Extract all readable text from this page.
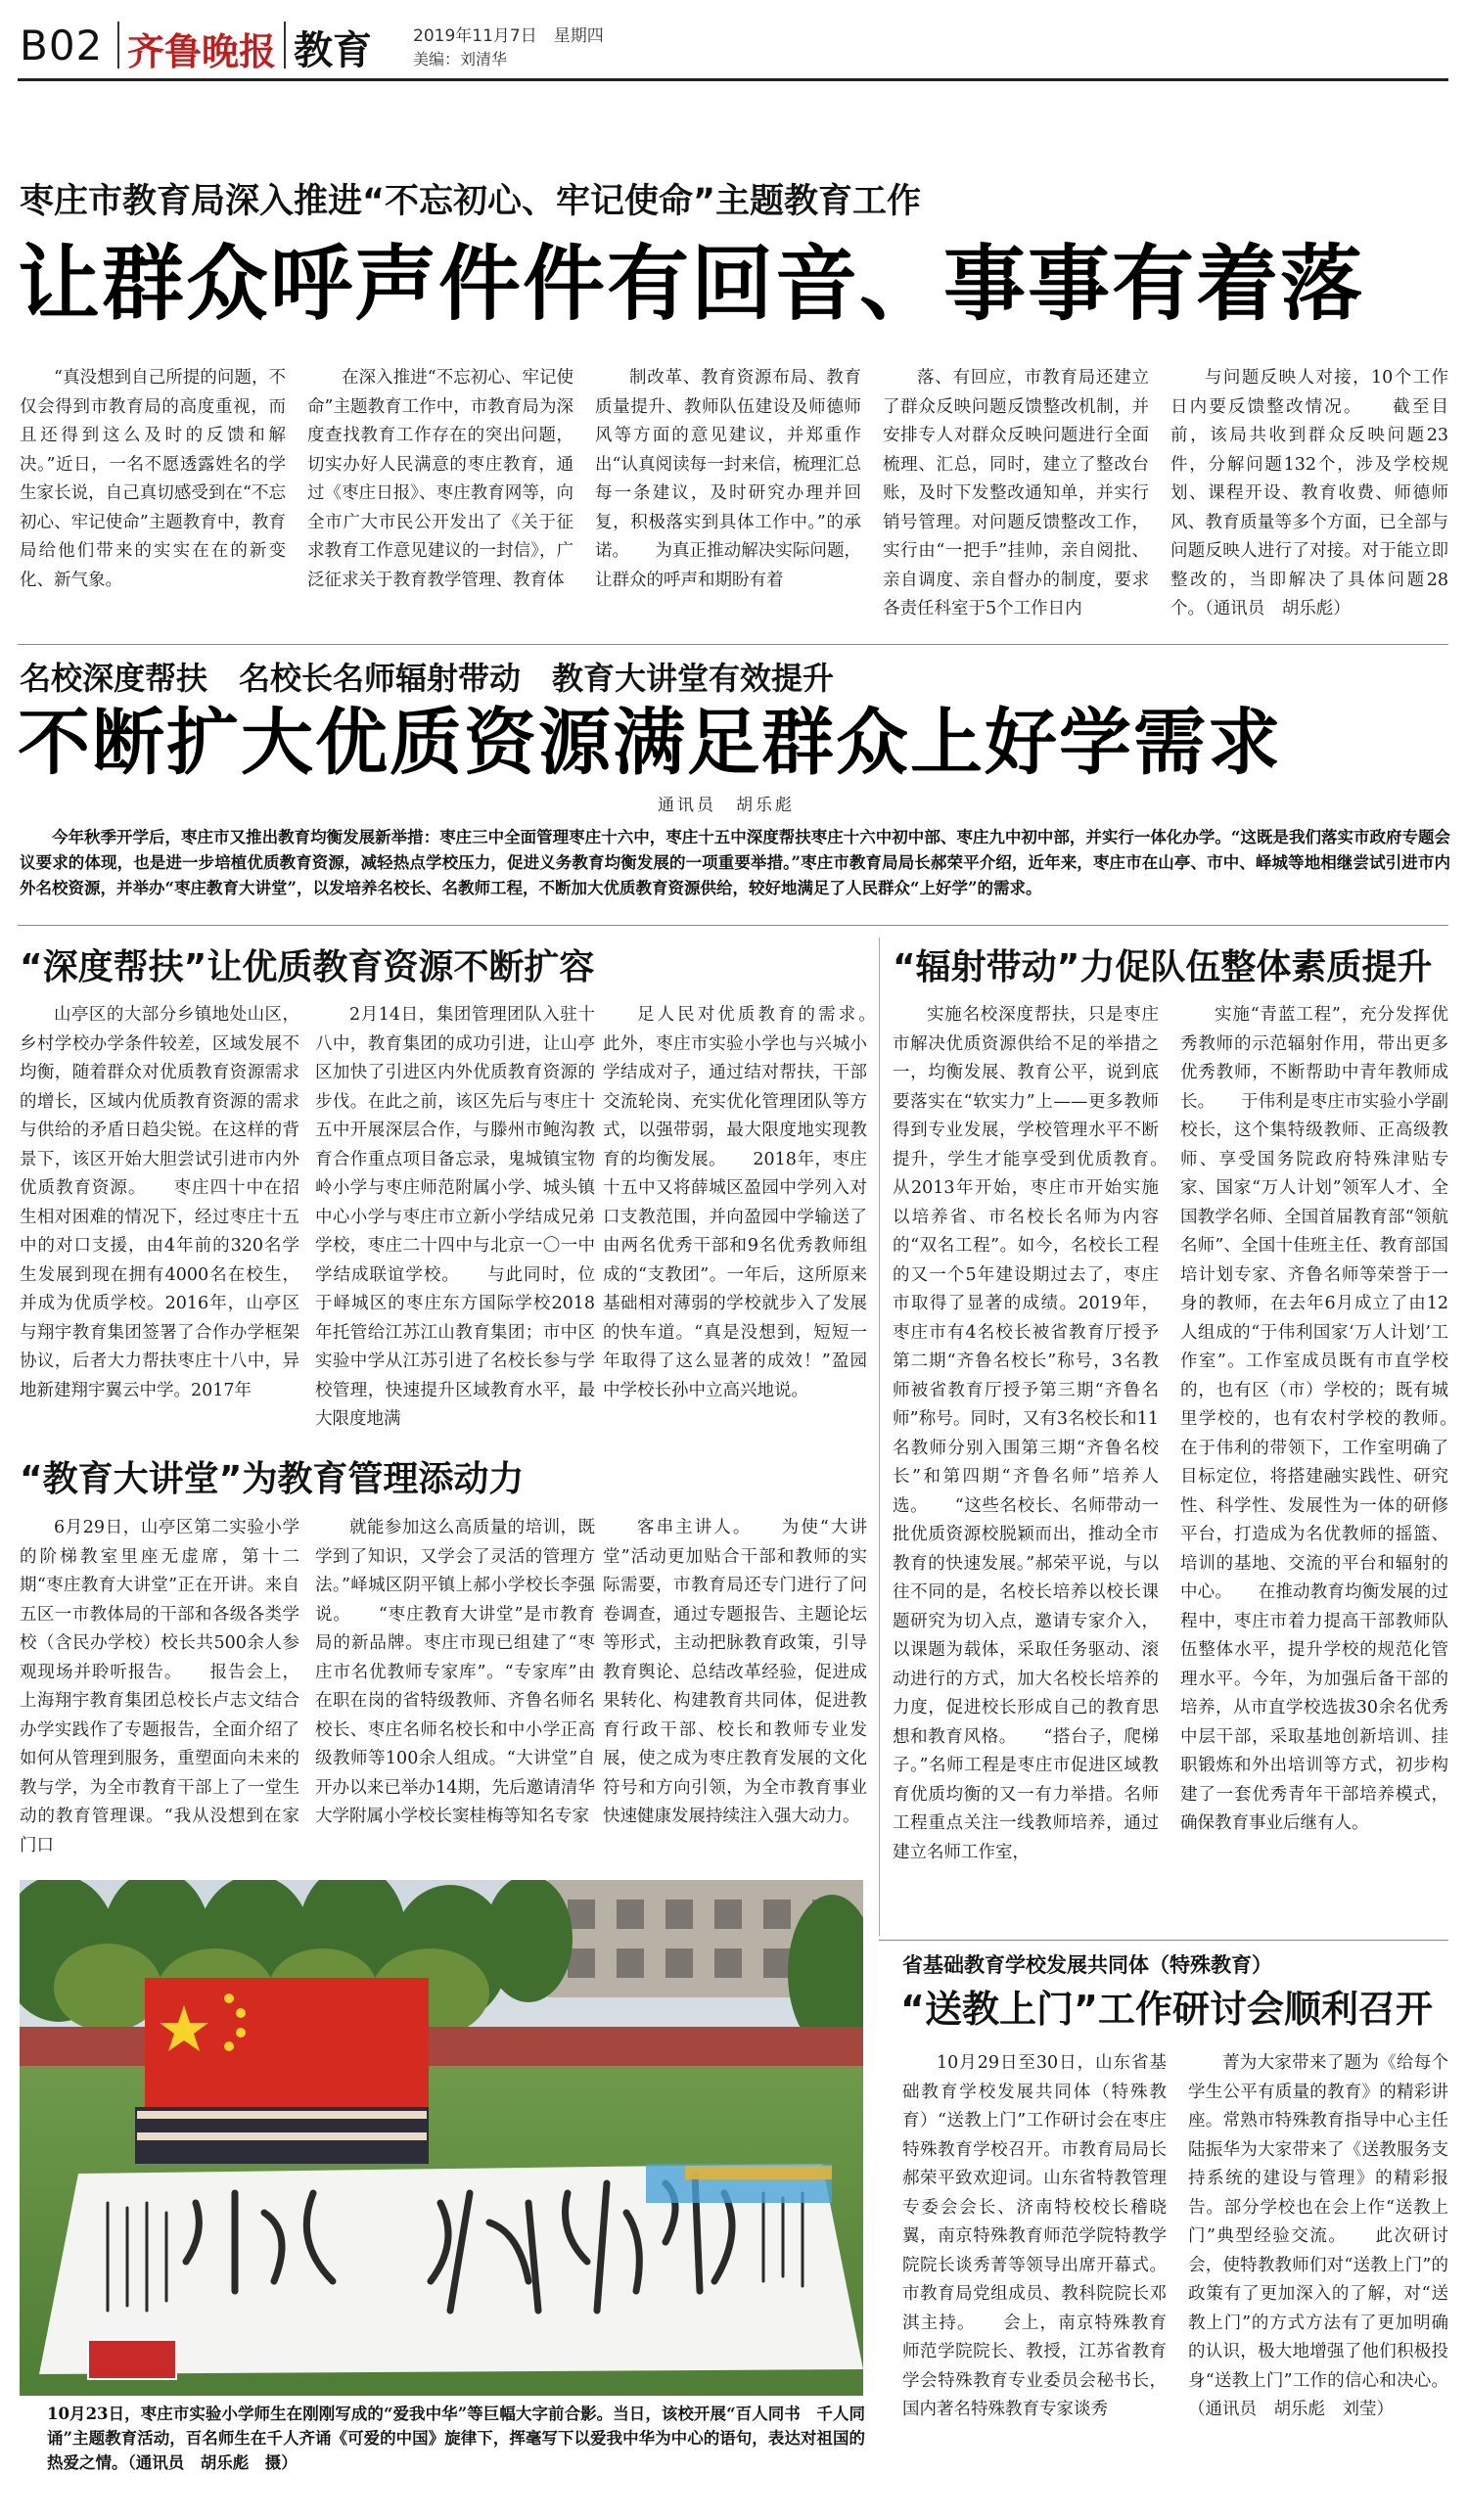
B02 齐鲁晚报 教育 2019年11月7日　星期四
美编：刘清华
枣庄市教育局深入推进“不忘初心、牢记使命”主题教育工作
让群众呼声件件有回音、事事有着落
“真没想到自己所提的问题，不仅会得到市教育局的高度重视，而且还得到这么及时的反馈和解决。”近日，一名不愿透露姓名的学生家长说，自己真切感受到在“不忘初心、牢记使命”主题教育中，教育局给他们带来的实实在在的新变化、新气象。
在深入推进“不忘初心、牢记使命”主题教育工作中，市教育局为深度查找教育工作存在的突出问题，切实办好人民满意的枣庄教育，通过《枣庄日报》、枣庄教育网等，向全市广大市民公开发出了《关于征求教育工作意见建议的一封信》，广泛征求关于教育教学管理、教育体
制改革、教育资源布局、教育质量提升、教师队伍建设及师德师风等方面的意见建议，并郑重作出“认真阅读每一封来信，梳理汇总每一条建议，及时研究办理并回复，积极落实到具体工作中。”的承诺。　　为真正推动解决实际问题，让群众的呼声和期盼有着
落、有回应，市教育局还建立了群众反映问题反馈整改机制，并安排专人对群众反映问题进行全面梳理、汇总，同时，建立了整改台账，及时下发整改通知单，并实行销号管理。对问题反馈整改工作，实行由“一把手”挂帅，亲自阅批、亲自调度、亲自督办的制度，要求各责任科室于5个工作日内
与问题反映人对接，10个工作日内要反馈整改情况。　　截至目前，该局共收到群众反映问题23件，分解问题132个，涉及学校规划、课程开设、教育收费、师德师风、教育质量等多个方面，已全部与问题反映人进行了对接。对于能立即整改的，当即解决了具体问题28个。（通讯员　胡乐彪）
名校深度帮扶　名校长名师辐射带动　教育大讲堂有效提升
不断扩大优质资源满足群众上好学需求
通讯员　胡乐彪
今年秋季开学后，枣庄市又推出教育均衡发展新举措：枣庄三中全面管理枣庄十六中，枣庄十五中深度帮扶枣庄十六中初中部、枣庄九中初中部，并实行一体化办学。“这既是我们落实市政府专题会议要求的体现，也是进一步培植优质教育资源，减轻热点学校压力，促进义务教育均衡发展的一项重要举措。”枣庄市教育局局长郝荣平介绍，近年来，枣庄市在山亭、市中、峄城等地相继尝试引进市内外名校资源，并举办“枣庄教育大讲堂”，以发培养名校长、名教师工程，不断加大优质教育资源供给，较好地满足了人民群众“上好学”的需求。
“深度帮扶”让优质教育资源不断扩容
山亭区的大部分乡镇地处山区，乡村学校办学条件较差，区域发展不均衡，随着群众对优质教育资源需求的增长，区域内优质教育资源的需求与供给的矛盾日趋尖锐。在这样的背景下，该区开始大胆尝试引进市内外优质教育资源。　　枣庄四十中在招生相对困难的情况下，经过枣庄十五中的对口支援，由4年前的320名学生发展到现在拥有4000名在校生，并成为优质学校。2016年，山亭区与翔宇教育集团签署了合作办学框架协议，后者大力帮扶枣庄十八中，异地新建翔宇翼云中学。2017年
2月14日，集团管理团队入驻十八中，教育集团的成功引进，让山亭区加快了引进区内外优质教育资源的步伐。在此之前，该区先后与枣庄十五中开展深层合作，与滕州市鲍沟教育合作重点项目备忘录，鬼城镇宝物岭小学与枣庄师范附属小学、城头镇中心小学与枣庄市立新小学结成兄弟学校，枣庄二十四中与北京一〇一中学结成联谊学校。　　与此同时，位于峄城区的枣庄东方国际学校2018年托管给江苏江山教育集团；市中区实验中学从江苏引进了名校长参与学校管理，快速提升区域教育水平，最大限度地满
足人民对优质教育的需求。　　此外，枣庄市实验小学也与兴城小学结成对子，通过结对帮扶，干部交流轮岗、充实优化管理团队等方式，以强带弱，最大限度地实现教育的均衡发展。　　2018年，枣庄十五中又将薛城区盈园中学列入对口支教范围，并向盈园中学输送了由两名优秀干部和9名优秀教师组成的“支教团”。一年后，这所原来基础相对薄弱的学校就步入了发展的快车道。“真是没想到，短短一年取得了这么显著的成效！”盈园中学校长孙中立高兴地说。
“辐射带动”力促队伍整体素质提升
实施名校深度帮扶，只是枣庄市解决优质资源供给不足的举措之一，均衡发展、教育公平，说到底要落实在“软实力”上——更多教师得到专业发展，学校管理水平不断提升，学生才能享受到优质教育。　　从2013年开始，枣庄市开始实施以培养省、市名校长名师为内容的“双名工程”。如今，名校长工程的又一个5年建设期过去了，枣庄市取得了显著的成绩。2019年，枣庄市有4名校长被省教育厅授予第二期“齐鲁名校长”称号，3名教师被省教育厅授予第三期“齐鲁名师”称号。同时，又有3名校长和11名教师分别入围第三期“齐鲁名校长”和第四期“齐鲁名师”培养人选。　　“这些名校长、名师带动一批优质资源校脱颖而出，推动全市教育的快速发展。”郝荣平说，与以往不同的是，名校长培养以校长课题研究为切入点，邀请专家介入，以课题为载体，采取任务驱动、滚动进行的方式，加大名校长培养的力度，促进校长形成自己的教育思想和教育风格。　　“搭台子，爬梯子。”名师工程是枣庄市促进区域教育优质均衡的又一有力举措。名师工程重点关注一线教师培养，通过建立名师工作室，
实施“青蓝工程”，充分发挥优秀教师的示范辐射作用，带出更多优秀教师，不断帮助中青年教师成长。　　于伟利是枣庄市实验小学副校长，这个集特级教师、正高级教师、享受国务院政府特殊津贴专家、国家“万人计划”领军人才、全国教学名师、全国首届教育部“领航名师”、全国十佳班主任、教育部国培计划专家、齐鲁名师等荣誉于一身的教师，在去年6月成立了由12人组成的“于伟利国家‘万人计划’工作室”。工作室成员既有市直学校的，也有区（市）学校的；既有城里学校的，也有农村学校的教师。　　在于伟利的带领下，工作室明确了目标定位，将搭建融实践性、研究性、科学性、发展性为一体的研修平台，打造成为名优教师的摇篮、培训的基地、交流的平台和辐射的中心。　　在推动教育均衡发展的过程中，枣庄市着力提高干部教师队伍整体水平，提升学校的规范化管理水平。今年，为加强后备干部的培养，从市直学校选拔30余名优秀中层干部，采取基地创新培训、挂职锻炼和外出培训等方式，初步构建了一套优秀青年干部培养模式，确保教育事业后继有人。
“教育大讲堂”为教育管理添动力
6月29日，山亭区第二实验小学的阶梯教室里座无虚席，第十二期“枣庄教育大讲堂”正在开讲。来自五区一市教体局的干部和各级各类学校（含民办学校）校长共500余人参观现场并聆听报告。　　报告会上，上海翔宇教育集团总校长卢志文结合办学实践作了专题报告，全面介绍了如何从管理到服务，重塑面向未来的教与学，为全市教育干部上了一堂生动的教育管理课。“我从没想到在家门口
就能参加这么高质量的培训，既学到了知识，又学会了灵活的管理方法。”峄城区阴平镇上郝小学校长李强说。　　“枣庄教育大讲堂”是市教育局的新品牌。枣庄市现已组建了“枣庄市名优教师专家库”。“专家库”由在职在岗的省特级教师、齐鲁名师名校长、枣庄名师名校长和中小学正高级教师等100余人组成。“大讲堂”自开办以来已举办14期，先后邀请清华大学附属小学校长窦桂梅等知名专家
客串主讲人。　　为使“大讲堂”活动更加贴合干部和教师的实际需要，市教育局还专门进行了问卷调查，通过专题报告、主题论坛等形式，主动把脉教育政策，引导教育舆论、总结改革经验，促进成果转化、构建教育共同体，促进教育行政干部、校长和教师专业发展，使之成为枣庄教育发展的文化符号和方向引领，为全市教育事业快速健康发展持续注入强大动力。
10月23日，枣庄市实验小学师生在刚刚写成的“爱我中华”等巨幅大字前合影。当日，该校开展“百人同书　千人同诵”主题教育活动，百名师生在千人齐诵《可爱的中国》旋律下，挥毫写下以爱我中华为中心的语句，表达对祖国的热爱之情。（通讯员　胡乐彪　摄）
省基础教育学校发展共同体（特殊教育）
“送教上门”工作研讨会顺利召开
10月29日至30日，山东省基础教育学校发展共同体（特殊教育）“送教上门”工作研讨会在枣庄特殊教育学校召开。市教育局局长郝荣平致欢迎词。山东省特教管理专委会会长、济南特校校长稽晓翼，南京特殊教育师范学院特教学院院长谈秀菁等领导出席开幕式。市教育局党组成员、教科院院长邓淇主持。　　会上，南京特殊教育师范学院院长、教授，江苏省教育学会特殊教育专业委员会秘书长，国内著名特殊教育专家谈秀
菁为大家带来了题为《给每个学生公平有质量的教育》的精彩讲座。常熟市特殊教育指导中心主任陆振华为大家带来了《送教服务支持系统的建设与管理》的精彩报告。部分学校也在会上作“送教上门”典型经验交流。　　此次研讨会，使特教教师们对“送教上门”的政策有了更加深入的了解，对“送教上门”的方式方法有了更加明确的认识，极大地增强了他们积极投身“送教上门”工作的信心和决心。（通讯员　胡乐彪　刘莹）
